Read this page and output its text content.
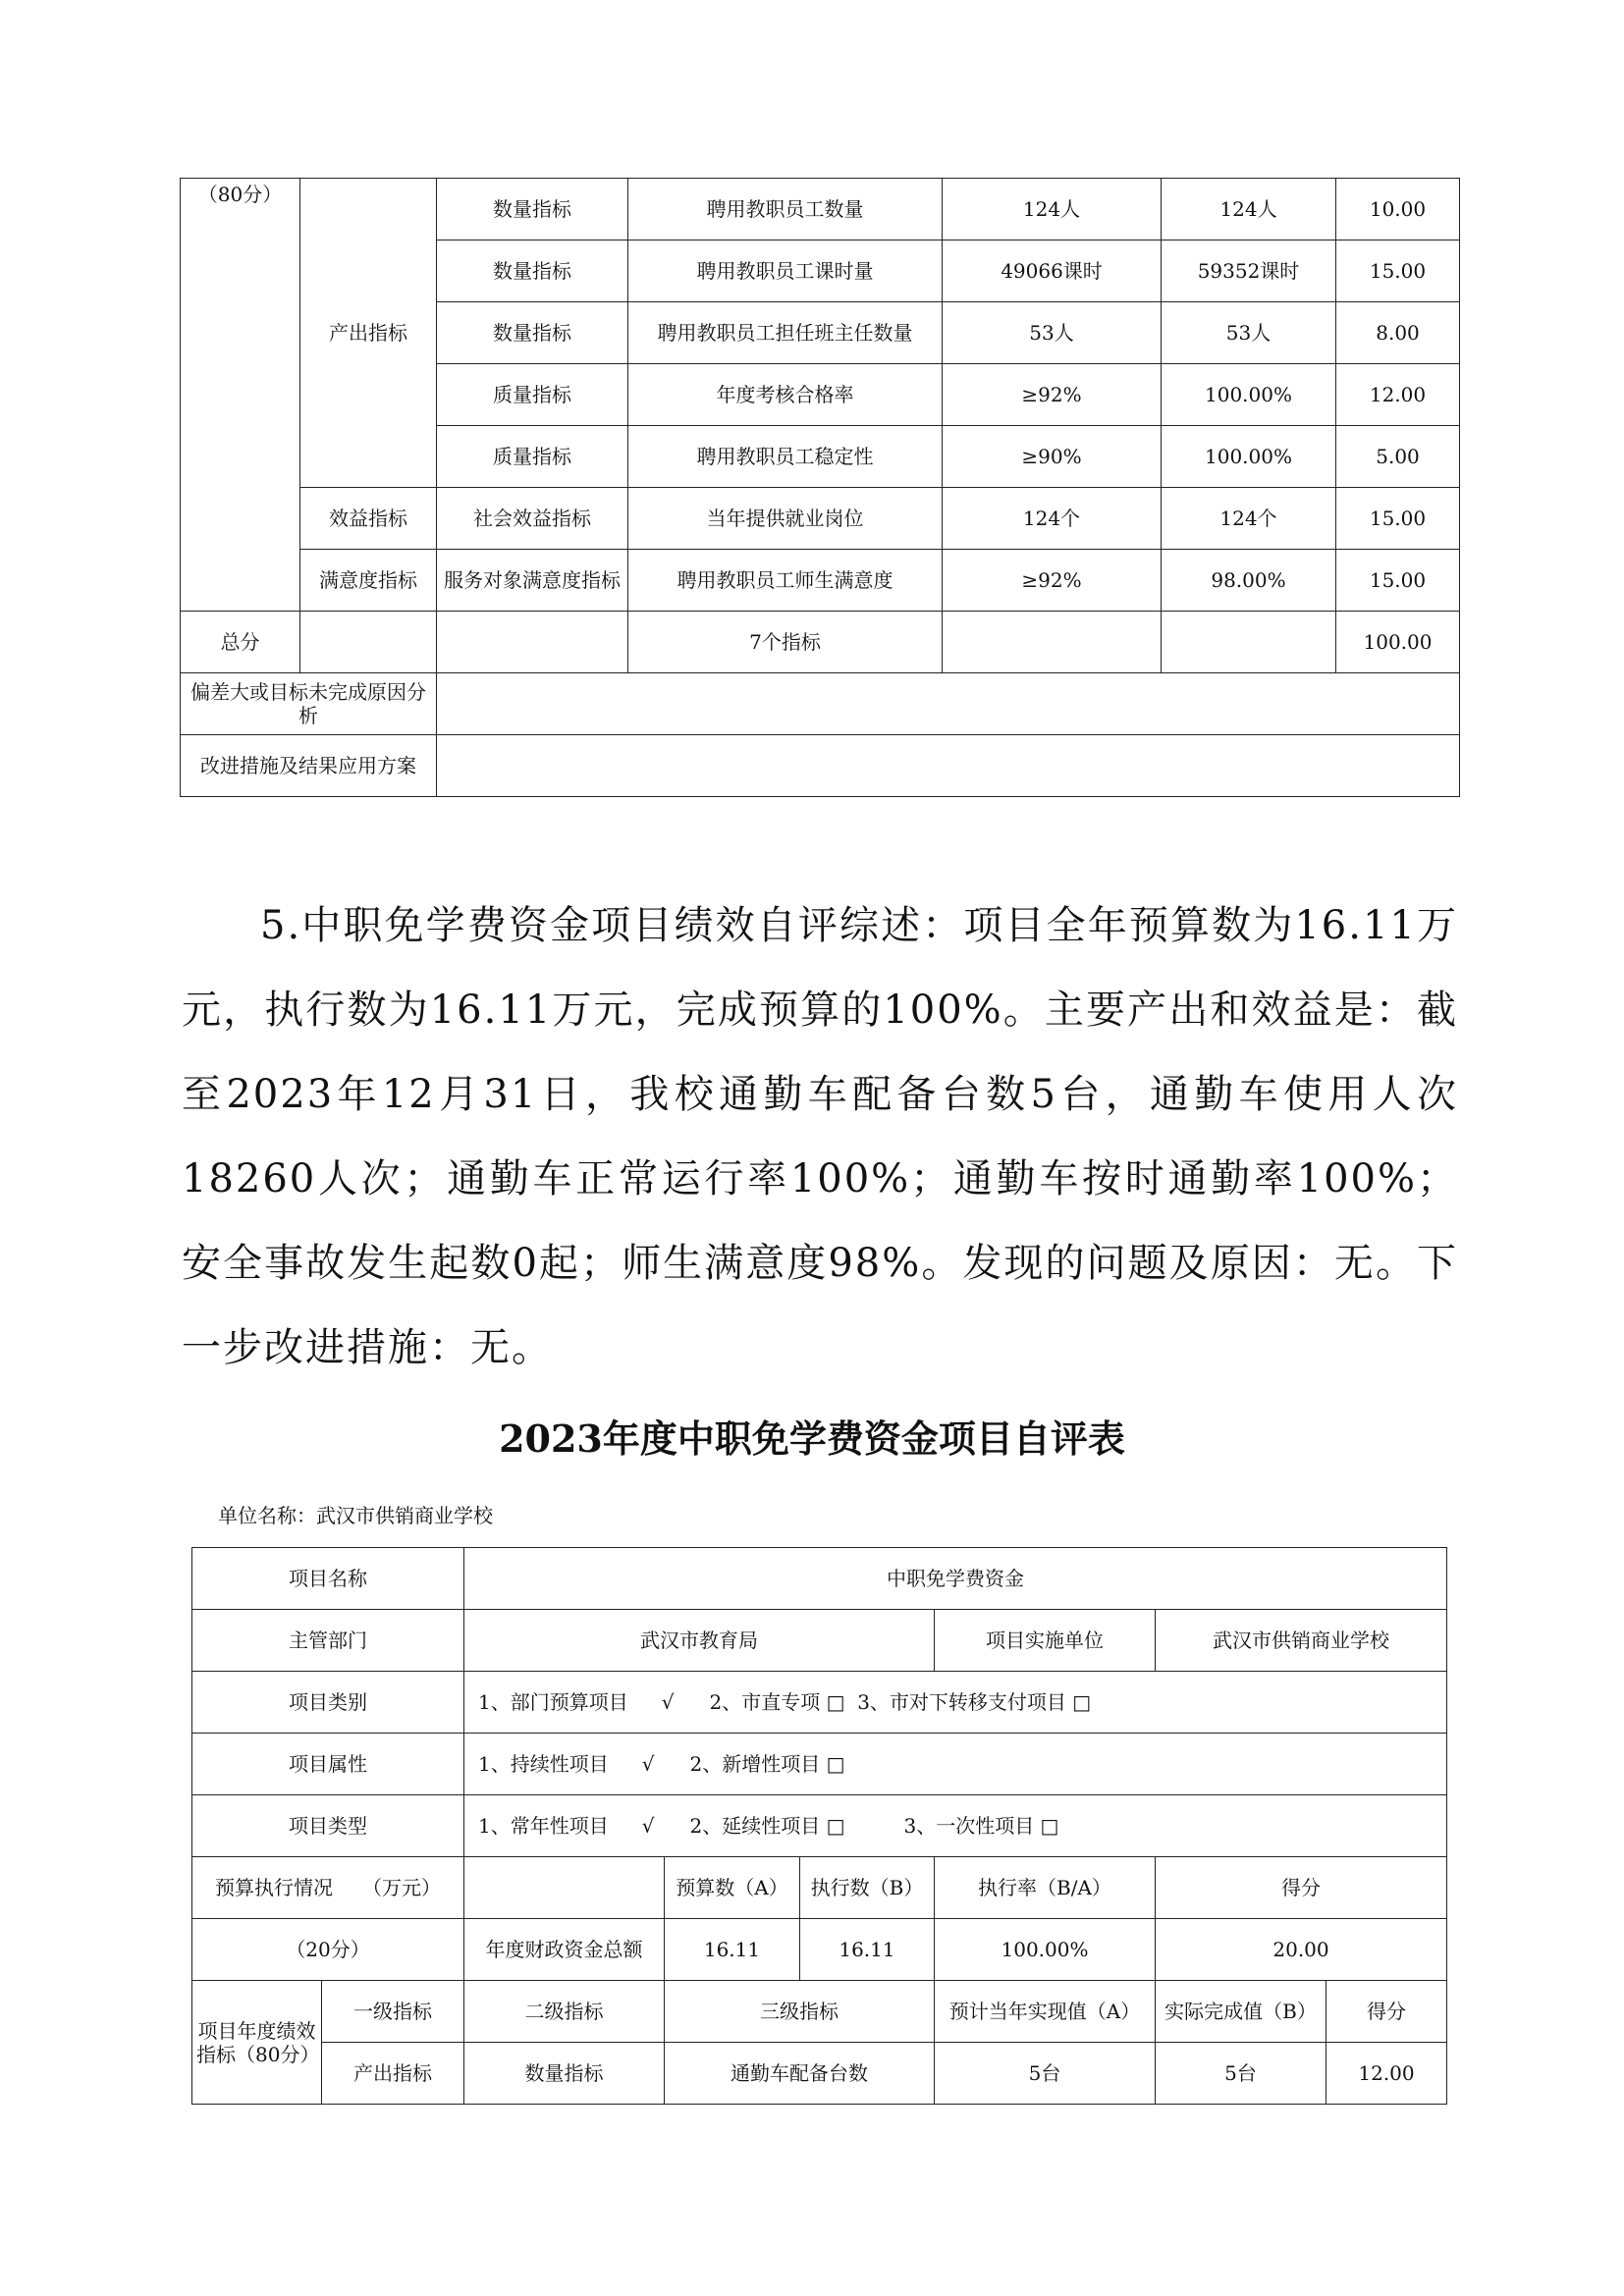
（80分）	产出指标	数量指标	聘用教职员工数量	124人	124人	10.00
		数量指标	聘用教职员工课时量	49066课时	59352课时	15.00
		数量指标	聘用教职员工担任班主任数量	53人	53人	8.00
		质量指标	年度考核合格率	≥92%	100.00%	12.00
		质量指标	聘用教职员工稳定性	≥90%	100.00%	5.00
	效益指标	社会效益指标	当年提供就业岗位	124个	124个	15.00
	满意度指标	服务对象满意度指标	聘用教职员工师生满意度	≥92%	98.00%	15.00
总分			7个指标			100.00
偏差大或目标未完成原因分析						
改进措施及结果应用方案						

5.中职免学费资金项目绩效自评综述：项目全年预算数为16.11万元，执行数为16.11万元，完成预算的100%。主要产出和效益是：截至2023年12月31日，我校通勤车配备台数5台，通勤车使用人次18260人次；通勤车正常运行率100%；通勤车按时通勤率100%；安全事故发生起数0起；师生满意度98%。发现的问题及原因：无。下一步改进措施：无。

2023年度中职免学费资金项目自评表
单位名称：武汉市供销商业学校
项目名称		中职免学费资金					
主管部门		武汉市教育局			项目实施单位	武汉市供销商业学校	
项目类别		1、部门预算项目 √ 2、市直专项 □ 3、市对下转移支付项目 □					
项目属性		1、持续性项目 √ 2、新增性项目 □					
项目类型		1、常年性项目 √ 2、延续性项目 □ 3、一次性项目 □					
预算执行情况　　（万元）			预算数（A）	执行数（B）	执行率（B/A）	得分	
（20分）		年度财政资金总额	16.11	16.11	100.00%	20.00	
项目年度绩效指标（80分）	一级指标	二级指标	三级指标		预计当年实现值（A）	实际完成值（B）	得分
	产出指标	数量指标	通勤车配备台数		5台	5台	12.00
